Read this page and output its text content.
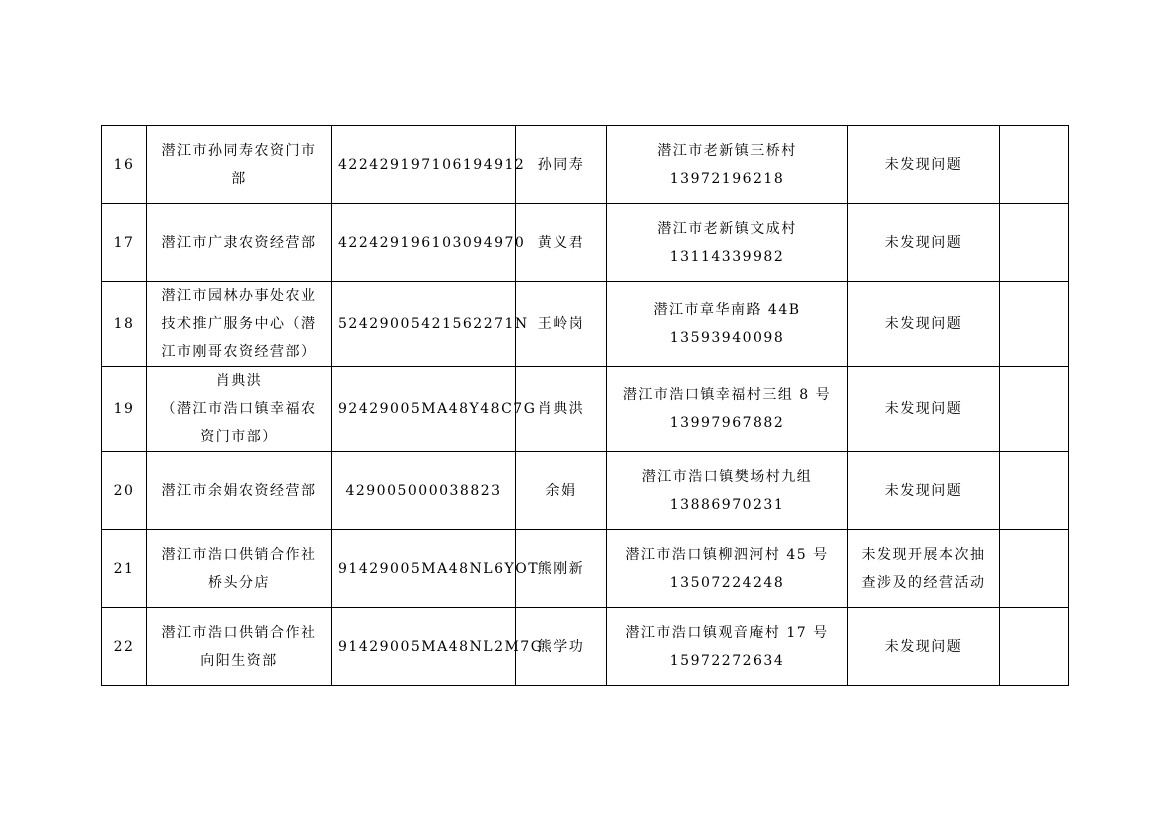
16	潜江市孙同寿农资门市
部	422429197106194912	孙同寿	潜江市老新镇三桥村
13972196218	未发现问题	

17	潜江市广隶农资经营部	422429196103094970	黄义君	潜江市老新镇文成村
13114339982	未发现问题	

18	潜江市园林办事处农业
技术推广服务中心（潜
江市刚哥农资经营部）	52429005421562271N	王岭岗	潜江市章华南路 44B
13593940098	未发现问题	

19	肖典洪
（潜江市浩口镇幸福农
资门市部）	92429005MA48Y48C7G	肖典洪	潜江市浩口镇幸福村三组 8 号
13997967882	未发现问题	

20	潜江市余娟农资经营部	429005000038823	余娟	潜江市浩口镇樊场村九组
13886970231	未发现问题	

21	潜江市浩口供销合作社
桥头分店	91429005MA48NL6YOT	熊刚新	潜江市浩口镇柳泗河村 45 号
13507224248	未发现开展本次抽
查涉及的经营活动	

22	潜江市浩口供销合作社
向阳生资部	91429005MA48NL2M7G	熊学功	潜江市浩口镇观音庵村 17 号
15972272634	未发现问题	
